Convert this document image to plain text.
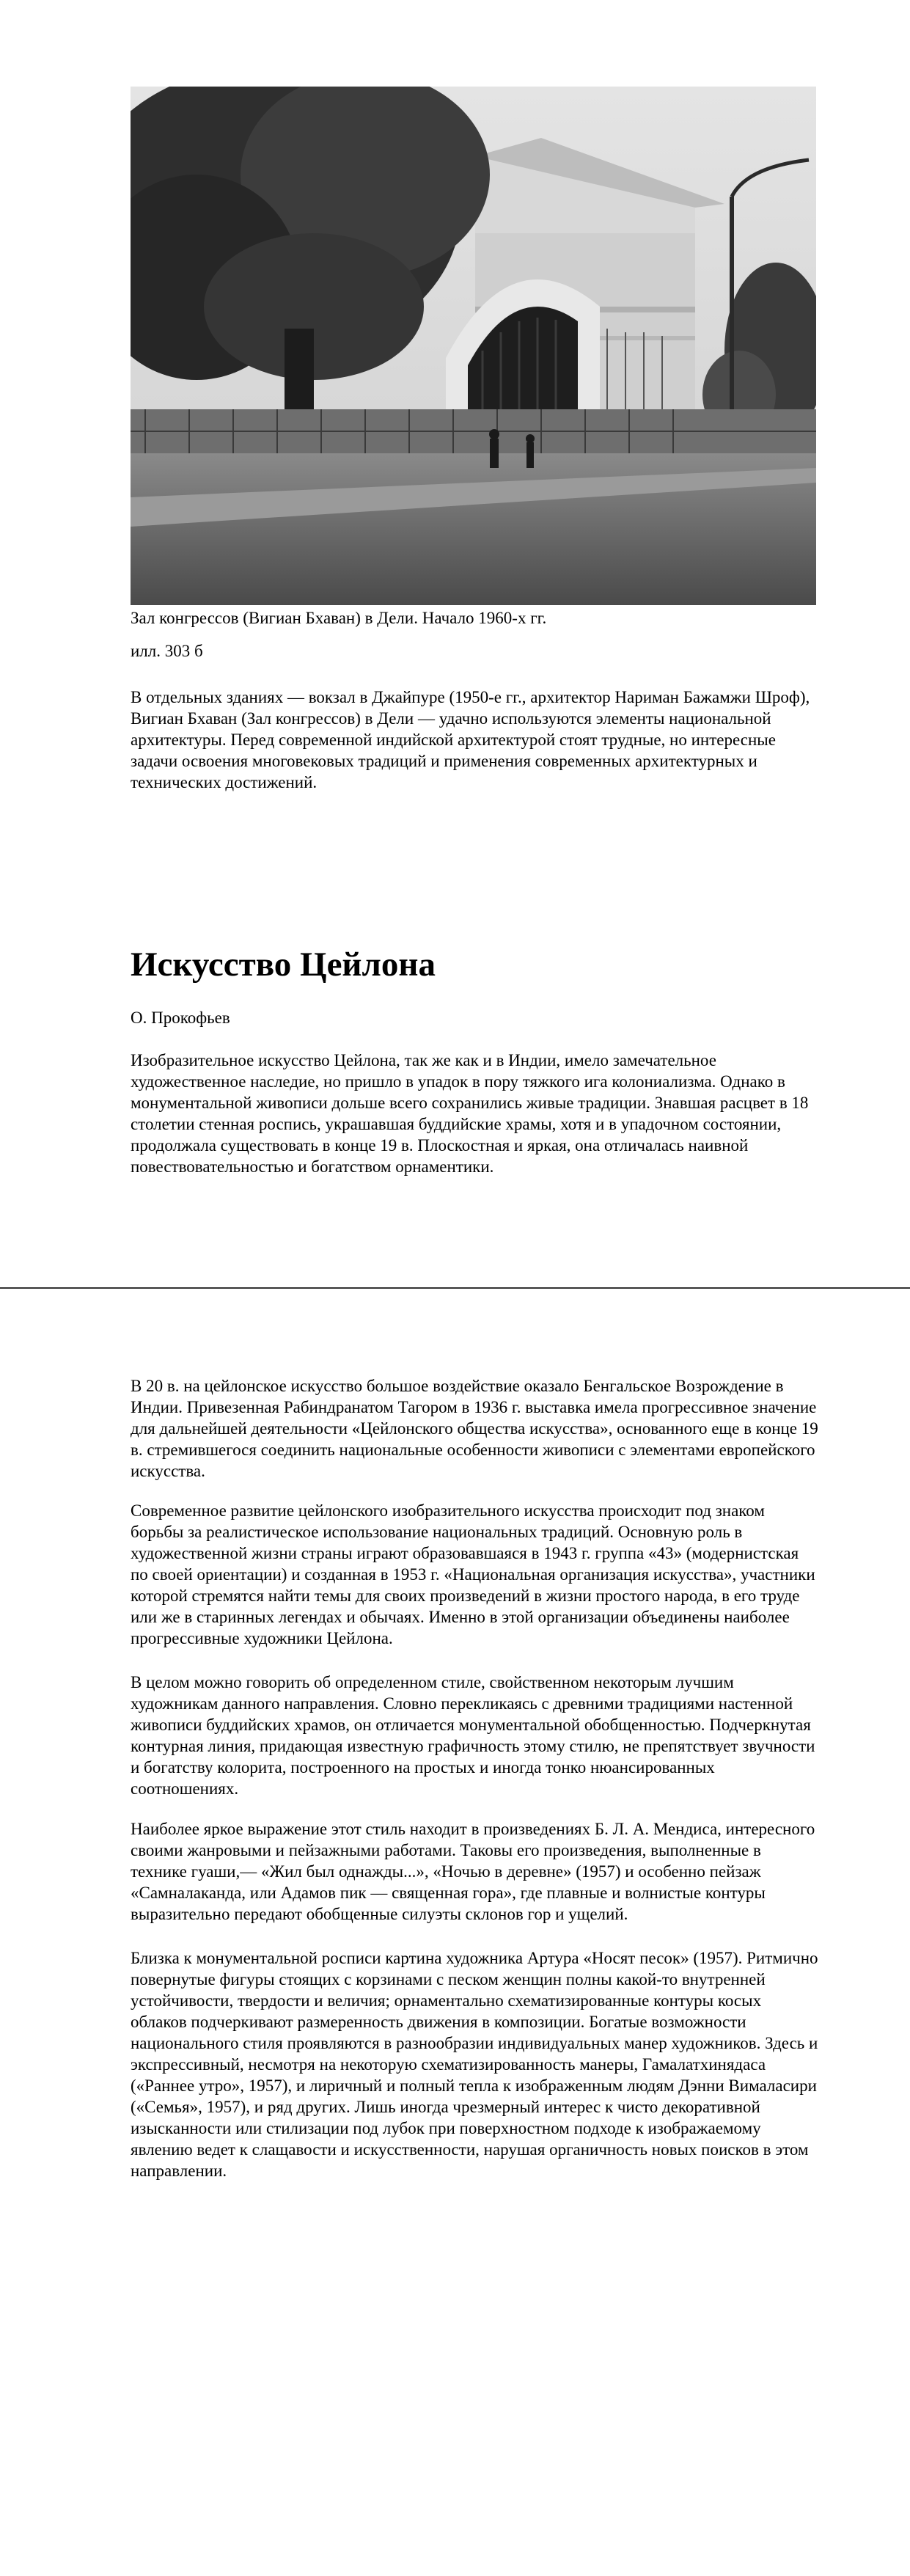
Зал конгрессов (Вигиан Бхаван) в Дели. Начало 1960-х гг.
илл. 303 б

В отдельных зданиях — вокзал в Джайпуре (1950-е гг., архитектор Нариман Бажамжи Шрoф), Вигиан Бхаван (Зал конгрессов) в Дели — удачно используются элементы национальной архитектуры. Перед современной индийской архитектурой стоят трудные, но интересные задачи освоения многовековых традиций и применения современных архитектурных и технических достижений.

Искусство Цейлона
О. Прокофьев

Изобразительное искусство Цейлона, так же как и в Индии, имело замечательное художественное наследие, но пришло в упадок в пору тяжкого ига колониализма. Однако в монументальной живописи дольше всего сохранились живые традиции. Знавшая расцвет в 18 столетии стенная роспись, украшавшая буддийские храмы, хотя и в упадочном состоянии, продолжала существовать в конце 19 в. Плоскостная и яркая, она отличалась наивной повествовательностью и богатством орнаментики.

В 20 в. на цейлонское искусство большое воздействие оказало Бенгальское Возрождение в Индии. Привезенная Рабиндранатом Тагором в 1936 г. выставка имела прогрессивное значение для дальнейшей деятельности «Цейлонского общества искусства», основанного еще в конце 19 в. стремившегося соединить национальные особенности живописи с элементами европейского искусства.

Современное развитие цейлонского изобразительного искусства происходит под знаком борьбы за реалистическое использование национальных традиций. Основную роль в художественной жизни страны играют образовавшаяся в 1943 г. группа «43» (модернистская по своей ориентации) и созданная в 1953 г. «Национальная организация искусства», участники которой стремятся найти темы для своих произведений в жизни простого народа, в его труде или же в старинных легендах и обычаях. Именно в этой организации объединены наиболее прогрессивные художники Цейлона.

В целом можно говорить об определенном стиле, свойственном некоторым лучшим художникам данного направления. Словно перекликаясь с древними традициями настенной живописи буддийских храмов, он отличается монументальной обобщенностью. Подчеркнутая контурная линия, придающая известную графичность этому стилю, не препятствует звучности и богатству колорита, построенного на простых и иногда тонко нюансированных соотношениях.

Наиболее яркое выражение этот стиль находит в произведениях Б. Л. А. Мендиса, интересного своими жанровыми и пейзажными работами. Таковы его произведения, выполненные в технике гуаши,— «Жил был однажды...», «Ночью в деревне» (1957) и особенно пейзаж «Самналаканда, или Адамов пик — священная гора», где плавные и волнистые контуры выразительно передают обобщенные силуэты склонов гор и ущелий.

Близка к монументальной росписи картина художника Артура «Носят песок» (1957). Ритмично повернутые фигуры стоящих с корзинами с песком женщин полны какой-то внутренней устойчивости, твердости и величия; орнаментально схематизированные контуры косых облаков подчеркивают размеренность движения в композиции. Богатые возможности национального стиля проявляются в разнообразии индивидуальных манер художников. Здесь и экспрессивный, несмотря на некоторую схематизированность манеры, Гамалатхинядаса («Раннее утро», 1957), и лиричный и полный тепла к изображенным людям Дэнни Вималасири («Семья», 1957), и ряд других. Лишь иногда чрезмерный интерес к чисто декоративной изысканности или стилизации под лубок при поверхностном подходе к изображаемому явлению ведет к слащавости и искусственности, нарушая органичность новых поисков в этом направлении.
